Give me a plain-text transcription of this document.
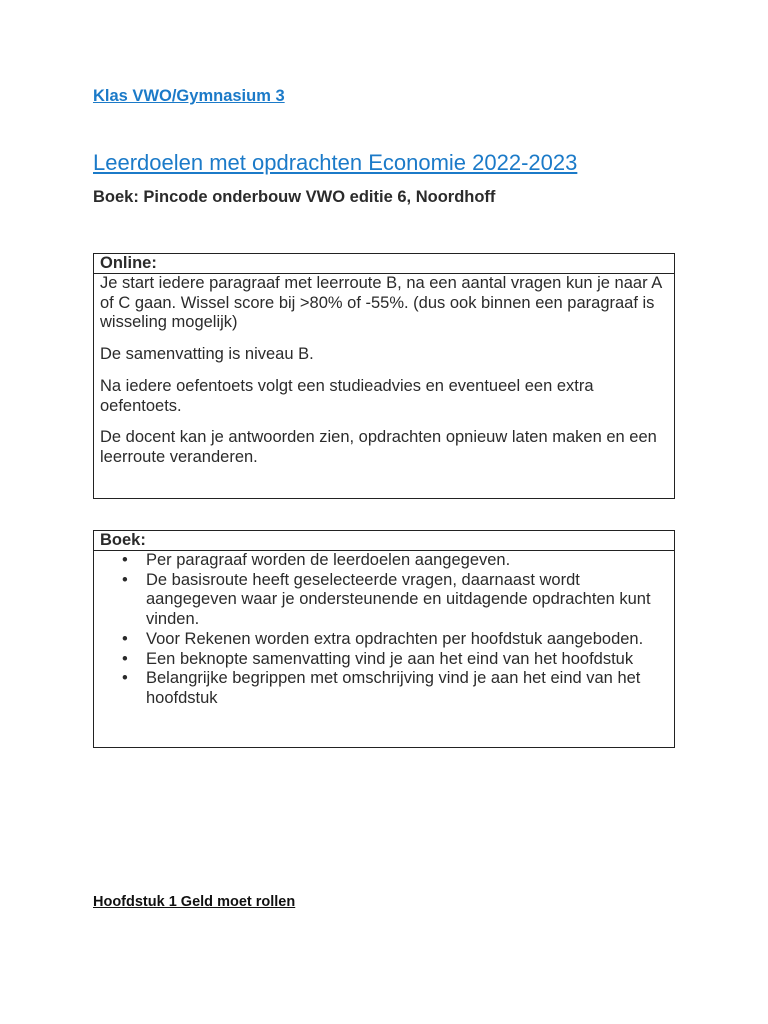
Klas VWO/Gymnasium 3
Leerdoelen met opdrachten Economie 2022-2023
Boek: Pincode onderbouw VWO editie 6, Noordhoff
Online:

Je start iedere paragraaf met leerroute B, na een aantal vragen kun je naar A of C gaan. Wissel score bij >80% of -55%. (dus ook binnen een paragraaf is wisseling mogelijk)

De samenvatting is niveau B.

Na iedere oefentoets volgt een studieadvies en eventueel een extra oefentoets.

De docent kan je antwoorden zien, opdrachten opnieuw laten maken en een leerroute veranderen.

Boek:
• Per paragraaf worden de leerdoelen aangegeven.
• De basisroute heeft geselecteerde vragen, daarnaast wordt aangegeven waar je ondersteunende en uitdagende opdrachten kunt vinden.
• Voor Rekenen worden extra opdrachten per hoofdstuk aangeboden.
• Een beknopte samenvatting vind je aan het eind van het hoofdstuk
• Belangrijke begrippen met omschrijving vind je aan het eind van het hoofdstuk
Hoofdstuk 1 Geld moet rollen
